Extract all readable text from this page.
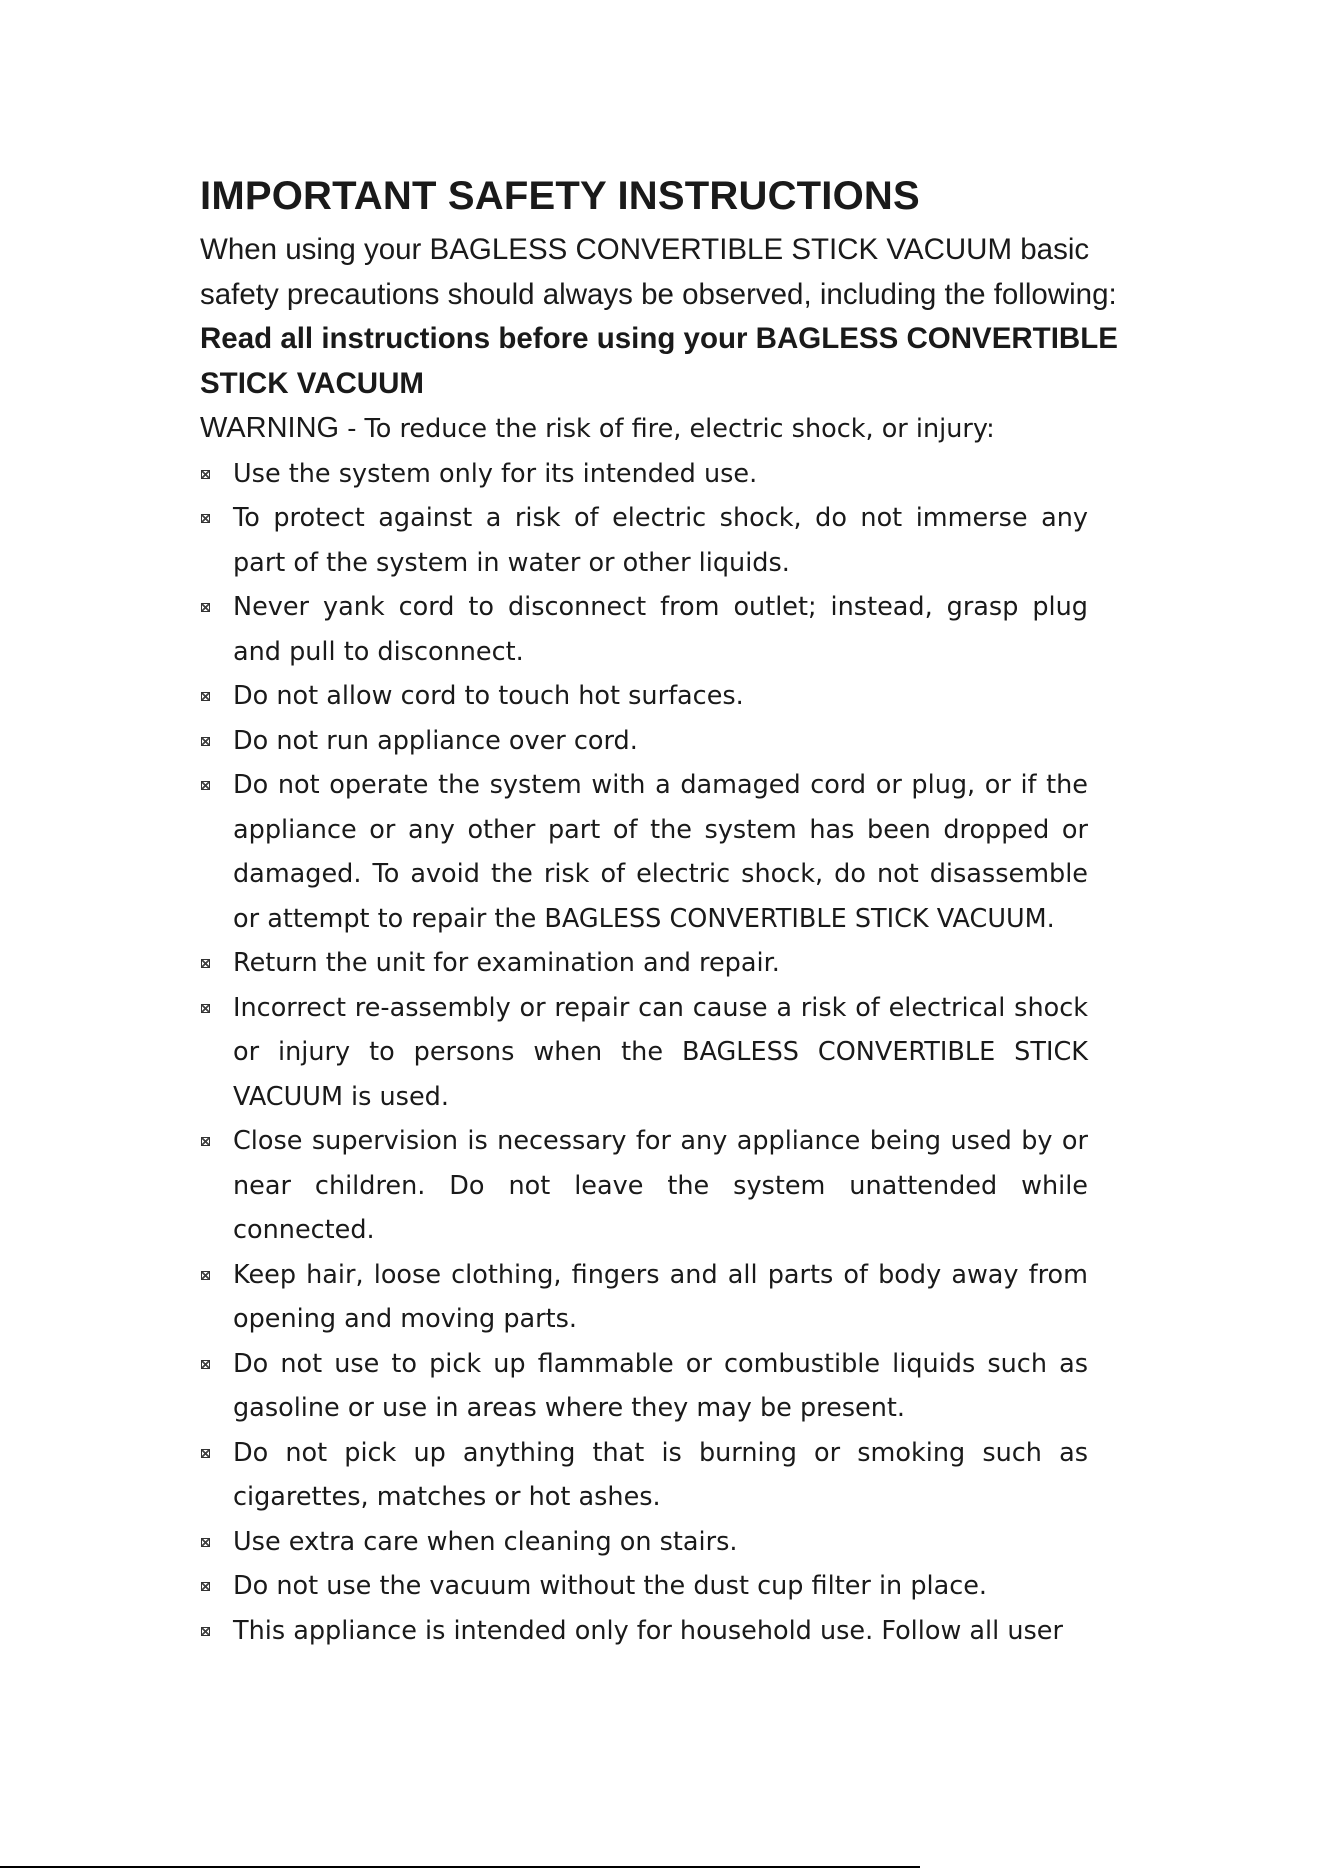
IMPORTANT SAFETY INSTRUCTIONS

When using your BAGLESS CONVERTIBLE STICK VACUUM basic safety precautions should always be observed, including the following: Read all instructions before using your BAGLESS CONVERTIBLE STICK VACUUM

WARNING - To reduce the risk of fire, electric shock, or injury:

Use the system only for its intended use.
To protect against a risk of electric shock, do not immerse any part of the system in water or other liquids.
Never yank cord to disconnect from outlet; instead, grasp plug and pull to disconnect.
Do not allow cord to touch hot surfaces.
Do not run appliance over cord.
Do not operate the system with a damaged cord or plug, or if the appliance or any other part of the system has been dropped or damaged. To avoid the risk of electric shock, do not disassemble or attempt to repair the BAGLESS CONVERTIBLE STICK VACUUM.
Return the unit for examination and repair.
Incorrect re-assembly or repair can cause a risk of electrical shock or injury to persons when the BAGLESS CONVERTIBLE STICK VACUUM is used.
Close supervision is necessary for any appliance being used by or near children. Do not leave the system unattended while connected.
Keep hair, loose clothing, fingers and all parts of body away from opening and moving parts.
Do not use to pick up flammable or combustible liquids such as gasoline or use in areas where they may be present.
Do not pick up anything that is burning or smoking such as cigarettes, matches or hot ashes.
Use extra care when cleaning on stairs.
Do not use the vacuum without the dust cup filter in place.
This appliance is intended only for household use. Follow all user
